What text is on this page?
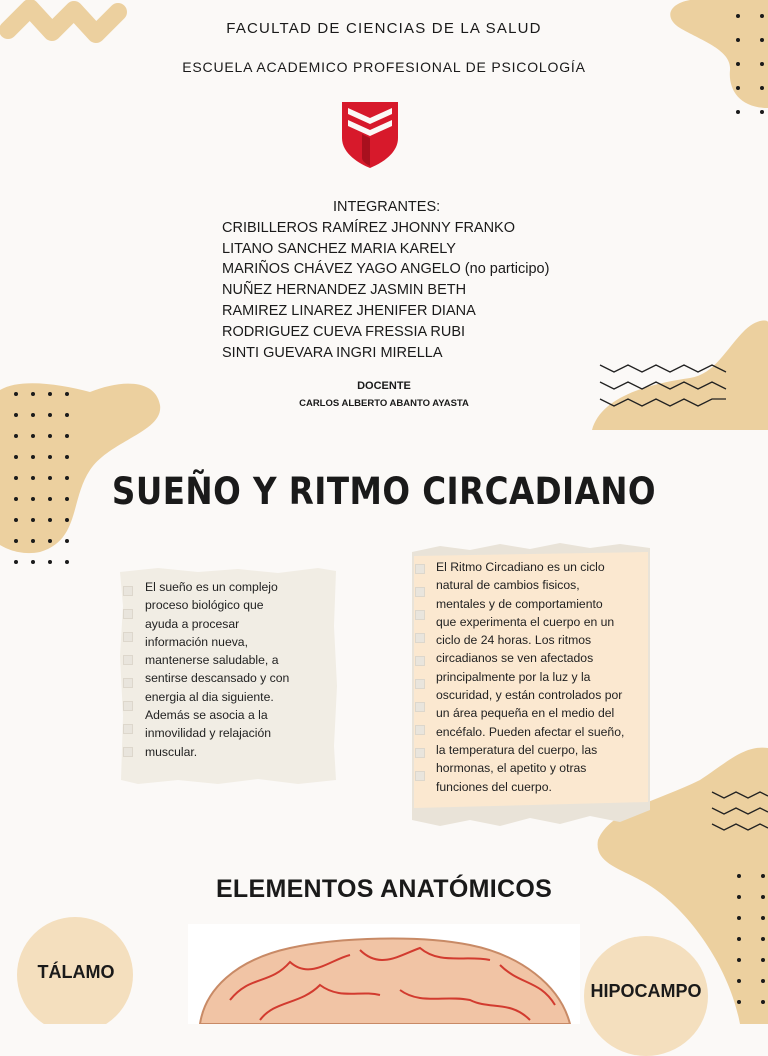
FACULTAD DE CIENCIAS DE LA SALUD
ESCUELA ACADEMICO PROFESIONAL DE PSICOLOGÍA
INTEGRANTES:
CRIBILLEROS RAMÍREZ JHONNY FRANKO
LITANO SANCHEZ MARIA KARELY
MARIÑOS CHÁVEZ YAGO ANGELO (no participo)
NUÑEZ HERNANDEZ JASMIN BETH
RAMIREZ LINAREZ JHENIFER DIANA
RODRIGUEZ CUEVA FRESSIA RUBI
SINTI GUEVARA INGRI MIRELLA
DOCENTE
CARLOS ALBERTO ABANTO AYASTA
SUEÑO Y RITMO CIRCADIANO
El sueño es un complejo
proceso biológico que
ayuda a procesar
información nueva,
mantenerse saludable, a
sentirse descansado y con
energia al dia siguiente.
Además se asocia a la
inmovilidad y relajación
muscular.
El Ritmo Circadiano es un ciclo
natural de cambios fisicos,
mentales y de comportamiento
que experimenta el cuerpo en un
ciclo de 24 horas. Los ritmos
circadianos se ven afectados
principalmente por la luz y la
oscuridad, y están controlados por
un área pequeña en el medio del
encéfalo. Pueden afectar el sueño,
la temperatura del cuerpo, las
hormonas, el apetito y otras
funciones del cuerpo.
ELEMENTOS ANATÓMICOS
TÁLAMO
HIPOCAMPO
